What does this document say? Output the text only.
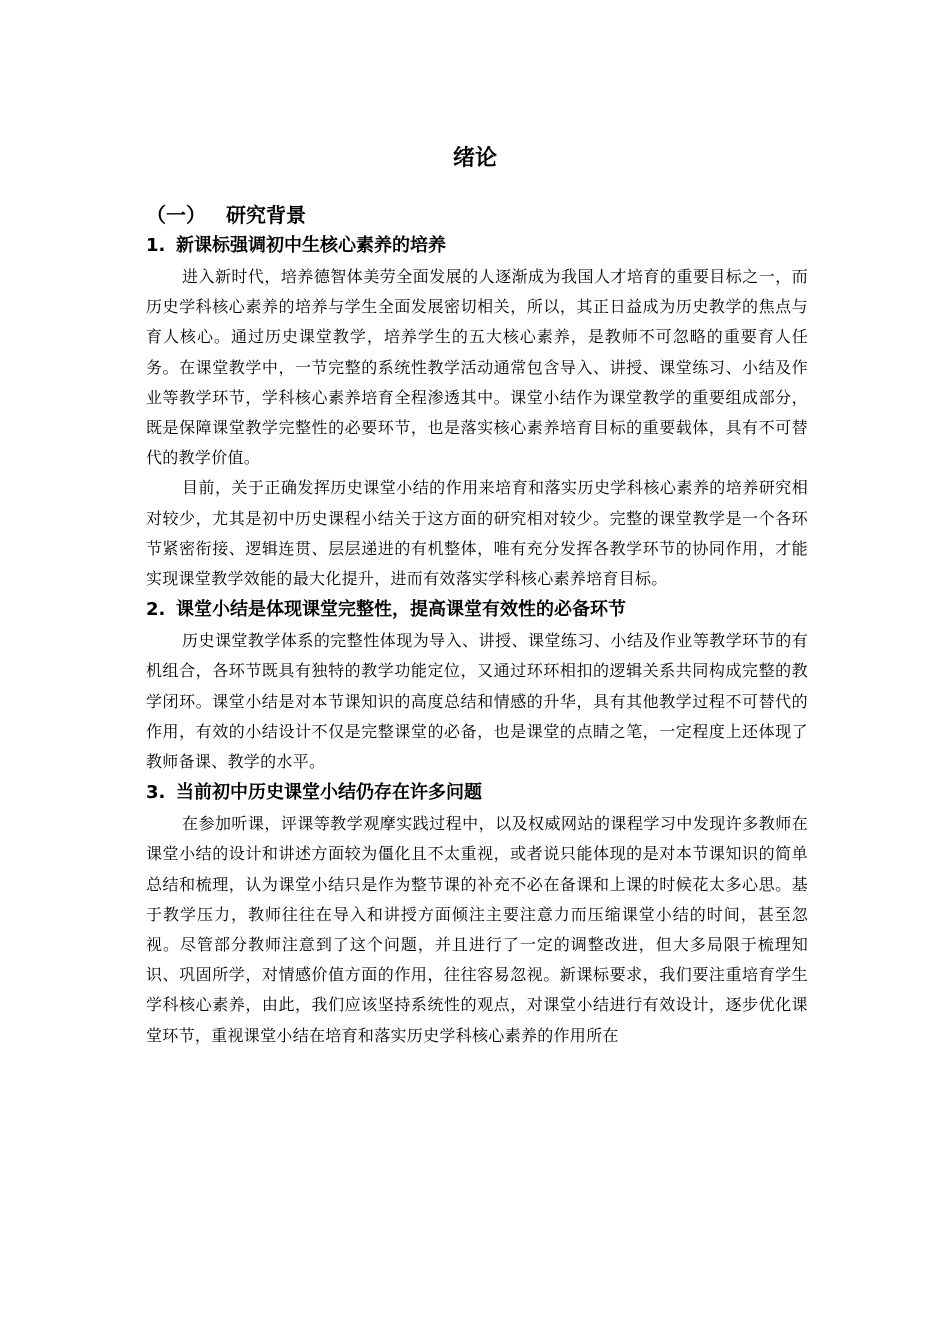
绪论
（一） 研究背景
1. 新课标强调初中生核心素养的培养

进入新时代，培养德智体美劳全面发展的人逐渐成为我国人才培育的重要目标之一，而历史学科核心素养的培养与学生全面发展密切相关，所以，其正日益成为历史教学的焦点与育人核心。通过历史课堂教学，培养学生的五大核心素养，是教师不可忽略的重要育人任务。在课堂教学中，一节完整的系统性教学活动通常包含导入、讲授、课堂练习、小结及作业等教学环节，学科核心素养培育全程渗透其中。课堂小结作为课堂教学的重要组成部分，既是保障课堂教学完整性的必要环节，也是落实核心素养培育目标的重要载体，具有不可替代的教学价值。

目前，关于正确发挥历史课堂小结的作用来培育和落实历史学科核心素养的培养研究相对较少，尤其是初中历史课程小结关于这方面的研究相对较少。完整的课堂教学是一个各环节紧密衔接、逻辑连贯、层层递进的有机整体，唯有充分发挥各教学环节的协同作用，才能实现课堂教学效能的最大化提升，进而有效落实学科核心素养培育目标。

2. 课堂小结是体现课堂完整性，提高课堂有效性的必备环节

历史课堂教学体系的完整性体现为导入、讲授、课堂练习、小结及作业等教学环节的有机组合，各环节既具有独特的教学功能定位，又通过环环相扣的逻辑关系共同构成完整的教学闭环。课堂小结是对本节课知识的高度总结和情感的升华，具有其他教学过程不可替代的作用，有效的小结设计不仅是完整课堂的必备，也是课堂的点睛之笔，一定程度上还体现了教师备课、教学的水平。

3. 当前初中历史课堂小结仍存在许多问题

在参加听课，评课等教学观摩实践过程中，以及权威网站的课程学习中发现许多教师在课堂小结的设计和讲述方面较为僵化且不太重视，或者说只能体现的是对本节课知识的简单总结和梳理，认为课堂小结只是作为整节课的补充不必在备课和上课的时候花太多心思。基于教学压力，教师往往在导入和讲授方面倾注主要注意力而压缩课堂小结的时间，甚至忽视。尽管部分教师注意到了这个问题，并且进行了一定的调整改进，但大多局限于梳理知识、巩固所学，对情感价值方面的作用，往往容易忽视。新课标要求，我们要注重培育学生学科核心素养，由此，我们应该坚持系统性的观点，对课堂小结进行有效设计，逐步优化课堂环节，重视课堂小结在培育和落实历史学科核心素养的作用所在
